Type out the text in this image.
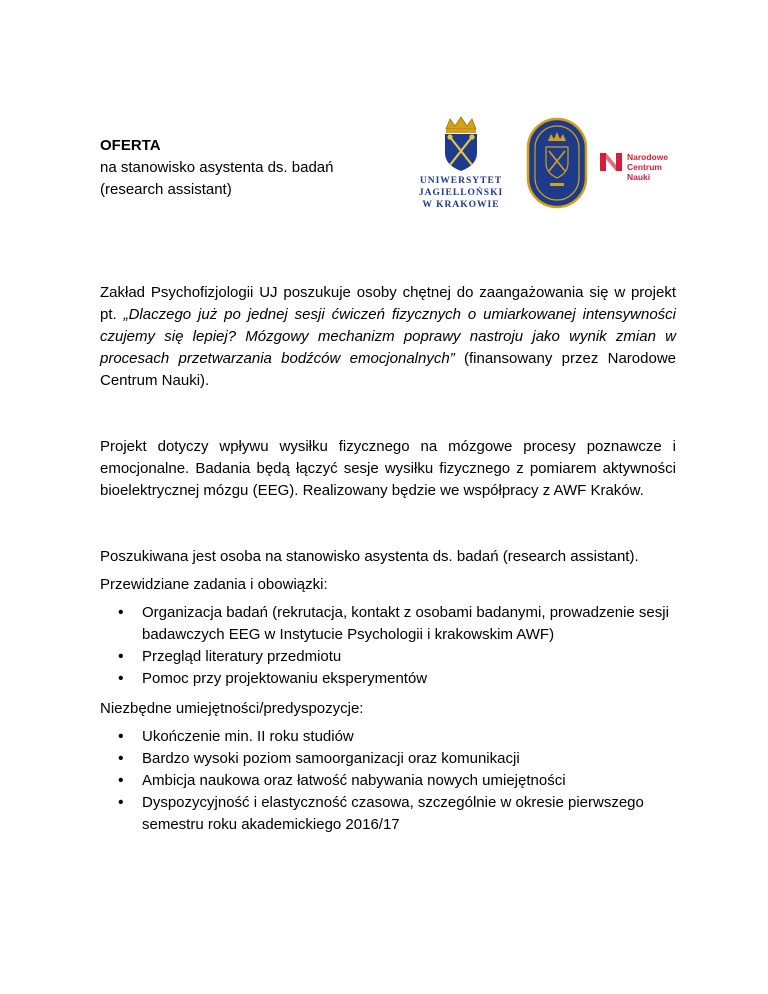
OFERTA
na stanowisko asystenta ds. badań
(research assistant)	UNIWERSYTET
JAGIELLOŃSKI
W KRAKOWIE
Narodowe
Centrum
Nauki

Zakład Psychofizjologii UJ poszukuje osoby chętnej do zaangażowania się w projekt pt. „Dlaczego już po jednej sesji ćwiczeń fizycznych o umiarkowanej intensywności czujemy się lepiej? Mózgowy mechanizm poprawy nastroju jako wynik zmian w procesach przetwarzania bodźców emocjonalnych” (finansowany przez Narodowe Centrum Nauki).

Projekt dotyczy wpływu wysiłku fizycznego na mózgowe procesy poznawcze i emocjonalne. Badania będą łączyć sesje wysiłku fizycznego z pomiarem aktywności bioelektrycznej mózgu (EEG). Realizowany będzie we współpracy z AWF Kraków.

Poszukiwana jest osoba na stanowisko asystenta ds. badań (research assistant).

Przewidziane zadania i obowiązki:

• Organizacja badań (rekrutacja, kontakt z osobami badanymi, prowadzenie sesji badawczych EEG w Instytucie Psychologii i krakowskim AWF)
• Przegląd literatury przedmiotu
• Pomoc przy projektowaniu eksperymentów

Niezbędne umiejętności/predyspozycje:

• Ukończenie min. II roku studiów
• Bardzo wysoki poziom samoorganizacji oraz komunikacji
• Ambicja naukowa oraz łatwość nabywania nowych umiejętności
• Dyspozycyjność i elastyczność czasowa, szczególnie w okresie pierwszego semestru roku akademickiego 2016/17
